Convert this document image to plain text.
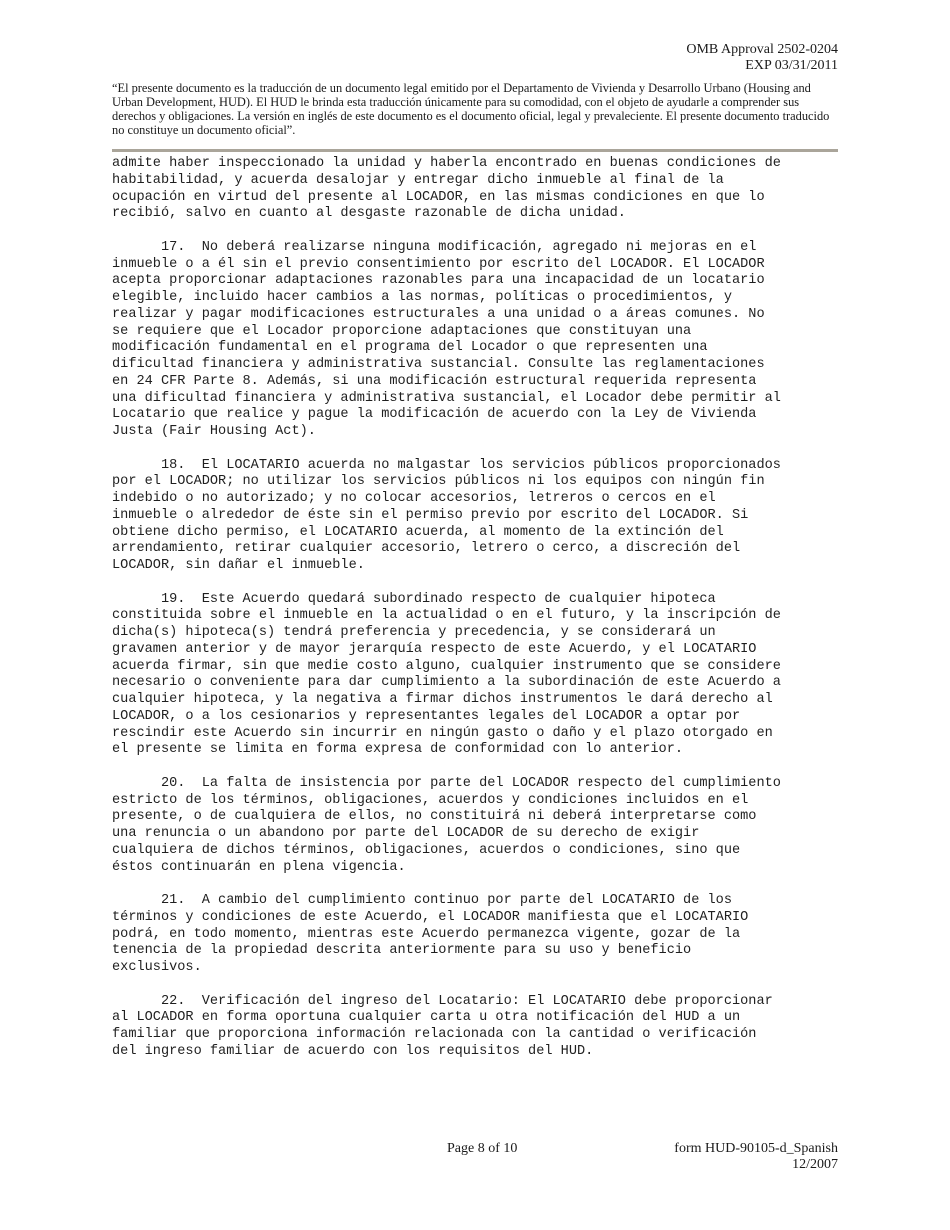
OMB Approval 2502-0204
EXP 03/31/2011
“El presente documento es la traducción de un documento legal emitido por el Departamento de Vivienda y Desarrollo Urbano (Housing and Urban Development, HUD). El HUD le brinda esta traducción únicamente para su comodidad, con el objeto de ayudarle a comprender sus derechos y obligaciones. La versión en inglés de este documento es el documento oficial, legal y prevaleciente. El presente documento traducido no constituye un documento oficial”.
admite haber inspeccionado la unidad y haberla encontrado en buenas condiciones de
habitabilidad, y acuerda desalojar y entregar dicho inmueble al final de la
ocupación en virtud del presente al LOCADOR, en las mismas condiciones en que lo
recibió, salvo en cuanto al desgaste razonable de dicha unidad.
17.  No deberá realizarse ninguna modificación, agregado ni mejoras en el
inmueble o a él sin el previo consentimiento por escrito del LOCADOR. El LOCADOR
acepta proporcionar adaptaciones razonables para una incapacidad de un locatario
elegible, incluido hacer cambios a las normas, políticas o procedimientos, y
realizar y pagar modificaciones estructurales a una unidad o a áreas comunes. No
se requiere que el Locador proporcione adaptaciones que constituyan una
modificación fundamental en el programa del Locador o que representen una
dificultad financiera y administrativa sustancial. Consulte las reglamentaciones
en 24 CFR Parte 8. Además, si una modificación estructural requerida representa
una dificultad financiera y administrativa sustancial, el Locador debe permitir al
Locatario que realice y pague la modificación de acuerdo con la Ley de Vivienda
Justa (Fair Housing Act).
18.  El LOCATARIO acuerda no malgastar los servicios públicos proporcionados
por el LOCADOR; no utilizar los servicios públicos ni los equipos con ningún fin
indebido o no autorizado; y no colocar accesorios, letreros o cercos en el
inmueble o alrededor de éste sin el permiso previo por escrito del LOCADOR. Si
obtiene dicho permiso, el LOCATARIO acuerda, al momento de la extinción del
arrendamiento, retirar cualquier accesorio, letrero o cerco, a discreción del
LOCADOR, sin dañar el inmueble.
19.  Este Acuerdo quedará subordinado respecto de cualquier hipoteca
constituida sobre el inmueble en la actualidad o en el futuro, y la inscripción de
dicha(s) hipoteca(s) tendrá preferencia y precedencia, y se considerará un
gravamen anterior y de mayor jerarquía respecto de este Acuerdo, y el LOCATARIO
acuerda firmar, sin que medie costo alguno, cualquier instrumento que se considere
necesario o conveniente para dar cumplimiento a la subordinación de este Acuerdo a
cualquier hipoteca, y la negativa a firmar dichos instrumentos le dará derecho al
LOCADOR, o a los cesionarios y representantes legales del LOCADOR a optar por
rescindir este Acuerdo sin incurrir en ningún gasto o daño y el plazo otorgado en
el presente se limita en forma expresa de conformidad con lo anterior.
20.  La falta de insistencia por parte del LOCADOR respecto del cumplimiento
estricto de los términos, obligaciones, acuerdos y condiciones incluidos en el
presente, o de cualquiera de ellos, no constituirá ni deberá interpretarse como
una renuncia o un abandono por parte del LOCADOR de su derecho de exigir
cualquiera de dichos términos, obligaciones, acuerdos o condiciones, sino que
éstos continuarán en plena vigencia.
21.  A cambio del cumplimiento continuo por parte del LOCATARIO de los
términos y condiciones de este Acuerdo, el LOCADOR manifiesta que el LOCATARIO
podrá, en todo momento, mientras este Acuerdo permanezca vigente, gozar de la
tenencia de la propiedad descrita anteriormente para su uso y beneficio
exclusivos.
22.  Verificación del ingreso del Locatario: El LOCATARIO debe proporcionar
al LOCADOR en forma oportuna cualquier carta u otra notificación del HUD a un
familiar que proporciona información relacionada con la cantidad o verificación
del ingreso familiar de acuerdo con los requisitos del HUD.
Page 8 of 10	form HUD-90105-d_Spanish
12/2007
